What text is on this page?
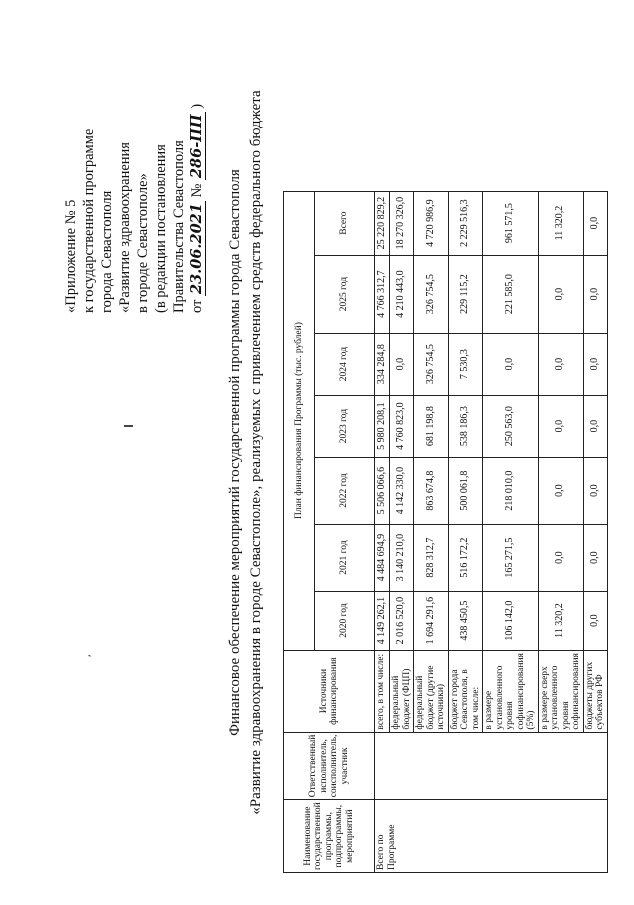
«Приложение № 5 к государственной программе города Севастополя «Развитие здравоохранения в городе Севастополе» (в редакции постановления Правительства Севастополя от 23.06.2021 № 286-ПП )
′	Финансовое обеспечение мероприятий государственной программы города Севастополя «Развитие здравоохранения в городе Севастополе», реализуемых с привлечением средств федерального бюджета
Наименование государственной программы, подпрограммы, мероприятий	Ответственный исполнитель, соисполнитель, участник	Источники финансирования	План финансирования Программы (тыс. рублей)						
			2020 год	2021 год	2022 год	2023 год	2024 год	2025 год	Всего
Всего по Программе		всего, в том числе:	4 149 262,1	4 484 694,9	5 506 066,6	5 980 208,1	334 284,8	4 766 312,7	25 220 829,2
		федеральный бюджет (ФЦП)	2 016 520,0	3 140 210,0	4 142 330,0	4 760 823,0	0,0	4 210 443,0	18 270 326,0
		федеральный бюджет (другие источники)	1 694 291,6	828 312,7	863 674,8	681 198,8	326 754,5	326 754,5	4 720 986,9
		бюджет города Севастополя, в том числе:	438 450,5	516 172,2	500 061,8	538 186,3	7 530,3	229 115,2	2 229 516,3
		в размере установленного уровня софинансирования (5%)	106 142,0	165 271,5	218 010,0	250 563,0	0,0	221 585,0	961 571,5
		в размере сверх установленного уровня софинансирования	11 320,2	0,0	0,0	0,0	0,0	0,0	11 320,2
		бюджеты других субъектов РФ	0,0	0,0	0,0	0,0	0,0	0,0	0,0
